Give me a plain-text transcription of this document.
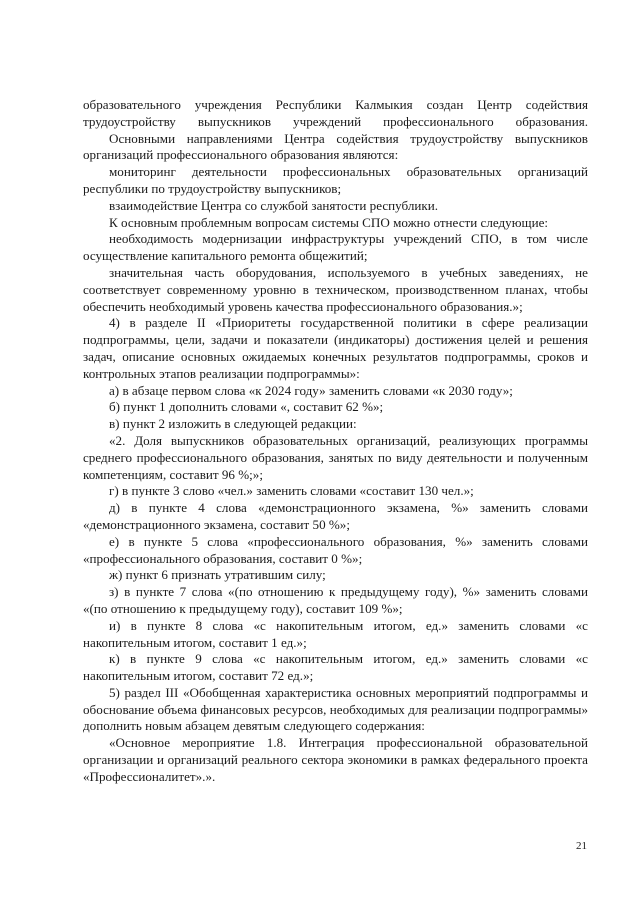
образовательного учреждения Республики Калмыкия создан Центр содействия трудоустройству выпускников учреждений профессионального образования.

Основными направлениями Центра содействия трудоустройству выпускников организаций профессионального образования являются:

мониторинг деятельности профессиональных образовательных организаций республики по трудоустройству выпускников;

взаимодействие Центра со службой занятости республики.

К основным проблемным вопросам системы СПО можно отнести следующие:

необходимость модернизации инфраструктуры учреждений СПО, в том числе осуществление капитального ремонта общежитий;

значительная часть оборудования, используемого в учебных заведениях, не соответствует современному уровню в техническом, производственном планах, чтобы обеспечить необходимый уровень качества профессионального образования.»;

4) в разделе II «Приоритеты государственной политики в сфере реализации подпрограммы, цели, задачи и показатели (индикаторы) достижения целей и решения задач, описание основных ожидаемых конечных результатов подпрограммы, сроков и контрольных этапов реализации подпрограммы»:

а) в абзаце первом слова «к 2024 году» заменить словами «к 2030 году»;

б) пункт 1 дополнить словами «, составит 62 %»;

в) пункт 2 изложить в следующей редакции:

«2. Доля выпускников образовательных организаций, реализующих программы среднего профессионального образования, занятых по виду деятельности и полученным компетенциям, составит 96 %;»;

г) в пункте 3 слово «чел.» заменить словами «составит 130 чел.»;

д) в пункте 4 слова «демонстрационного экзамена, %» заменить словами «демонстрационного экзамена, составит 50 %»;

е) в пункте 5 слова «профессионального образования, %» заменить словами «профессионального образования, составит 0 %»;

ж) пункт 6 признать утратившим силу;

з) в пункте 7 слова «(по отношению к предыдущему году), %» заменить словами «(по отношению к предыдущему году), составит 109 %»;

и) в пункте 8 слова «с накопительным итогом, ед.» заменить словами «с накопительным итогом, составит 1 ед.»;

к) в пункте 9 слова «с накопительным итогом, ед.» заменить словами «с накопительным итогом, составит 72 ед.»;

5) раздел III «Обобщенная характеристика основных мероприятий подпрограммы и обоснование объема финансовых ресурсов, необходимых для реализации подпрограммы» дополнить новым абзацем девятым следующего содержания:

«Основное мероприятие 1.8. Интеграция профессиональной образовательной организации и организаций реального сектора экономики в рамках федерального проекта «Профессионалитет».».

21
